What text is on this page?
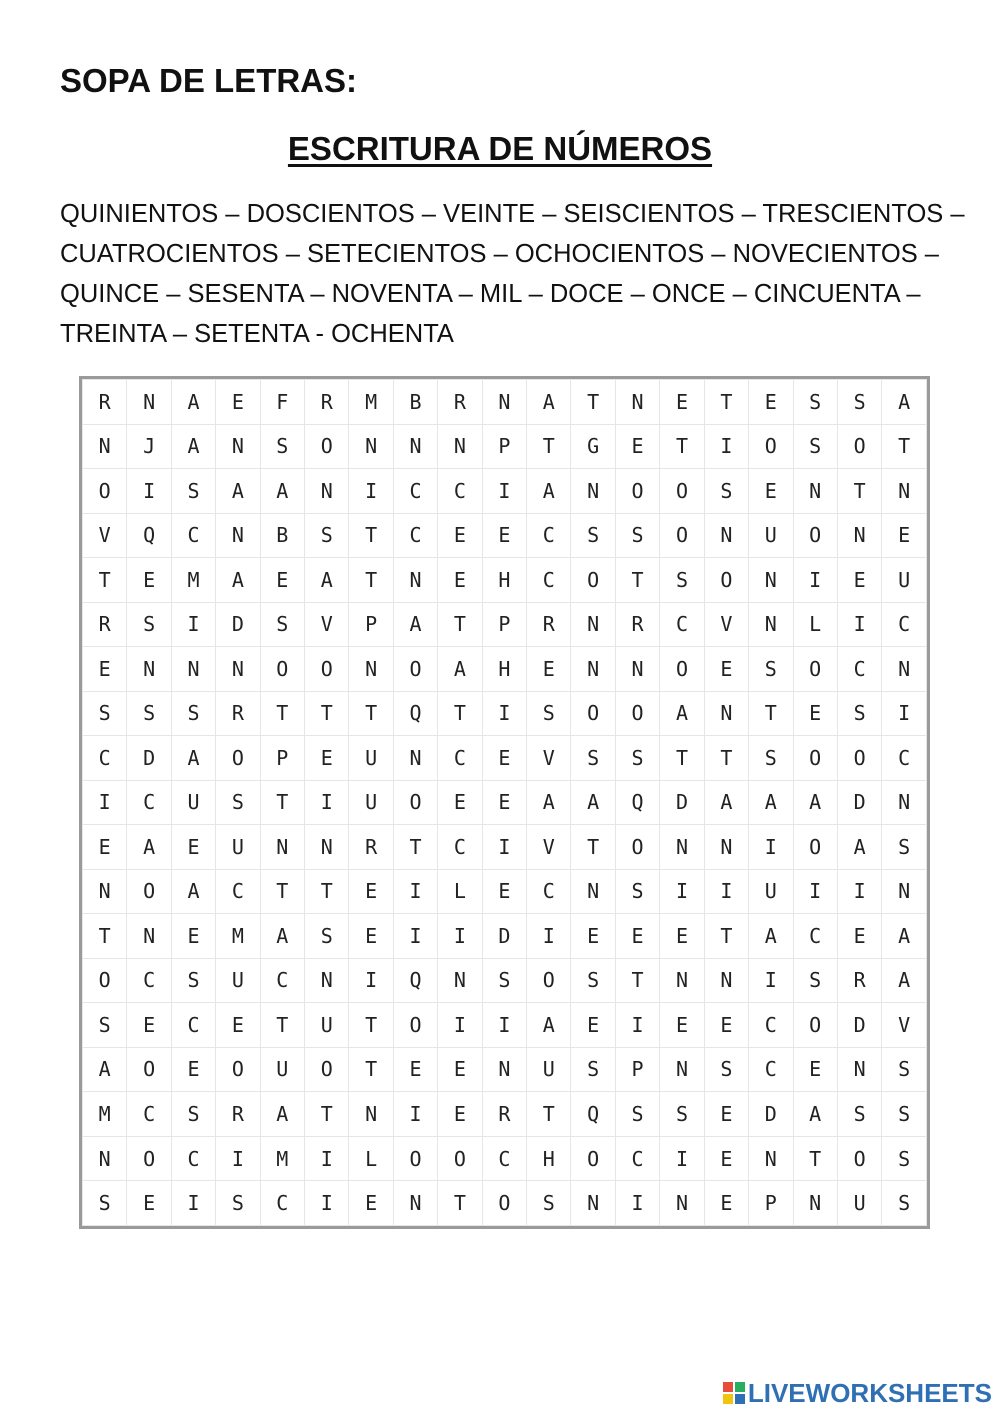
SOPA DE LETRAS:
ESCRITURA DE NÚMEROS
QUINIENTOS – DOSCIENTOS – VEINTE – SEISCIENTOS – TRESCIENTOS –
CUATROCIENTOS – SETECIENTOS – OCHOCIENTOS – NOVECIENTOS –
QUINCE – SESENTA – NOVENTA – MIL – DOCE – ONCE – CINCUENTA –
TREINTA – SETENTA - OCHENTA
R	N	A	E	F	R	M	B	R	N	A	T	N	E	T	E	S	S	A
N	J	A	N	S	O	N	N	N	P	T	G	E	T	I	O	S	O	T
O	I	S	A	A	N	I	C	C	I	A	N	O	O	S	E	N	T	N
V	Q	C	N	B	S	T	C	E	E	C	S	S	O	N	U	O	N	E
T	E	M	A	E	A	T	N	E	H	C	O	T	S	O	N	I	E	U
R	S	I	D	S	V	P	A	T	P	R	N	R	C	V	N	L	I	C
E	N	N	N	O	O	N	O	A	H	E	N	N	O	E	S	O	C	N
S	S	S	R	T	T	T	Q	T	I	S	O	O	A	N	T	E	S	I
C	D	A	O	P	E	U	N	C	E	V	S	S	T	T	S	O	O	C
I	C	U	S	T	I	U	O	E	E	A	A	Q	D	A	A	A	D	N
E	A	E	U	N	N	R	T	C	I	V	T	O	N	N	I	O	A	S
N	O	A	C	T	T	E	I	L	E	C	N	S	I	I	U	I	I	N
T	N	E	M	A	S	E	I	I	D	I	E	E	E	T	A	C	E	A
O	C	S	U	C	N	I	Q	N	S	O	S	T	N	N	I	S	R	A
S	E	C	E	T	U	T	O	I	I	A	E	I	E	E	C	O	D	V
A	O	E	O	U	O	T	E	E	N	U	S	P	N	S	C	E	N	S
M	C	S	R	A	T	N	I	E	R	T	Q	S	S	E	D	A	S	S
N	O	C	I	M	I	L	O	O	C	H	O	C	I	E	N	T	O	S
S	E	I	S	C	I	E	N	T	O	S	N	I	N	E	P	N	U	S
LIVEWORKSHEETS
